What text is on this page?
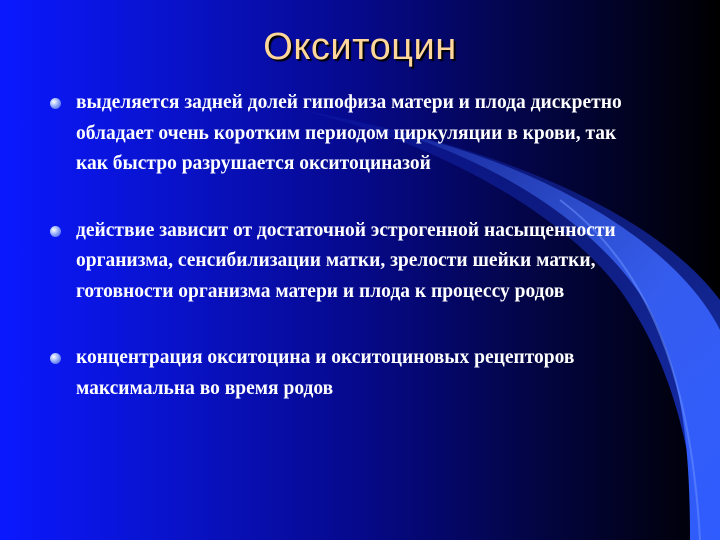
Окситоцин
выделяется задней долей гипофиза матери и плода дискретно обладает очень коротким периодом циркуляции в крови, так как быстро разрушается окситоциназой
действие зависит от достаточной эстрогенной насыщенности организма, сенсибилизации матки, зрелости шейки матки, готовности организма матери и плода к процессу родов
концентрация окситоцина и окситоциновых рецепторов максимальна во время родов
